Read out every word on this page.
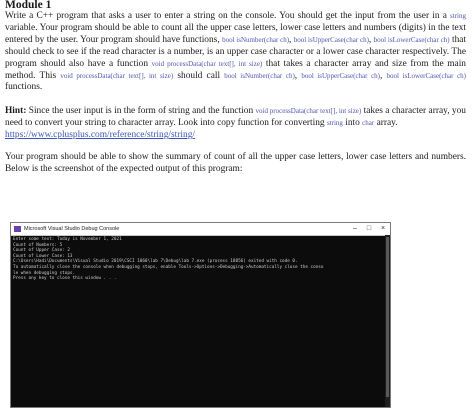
Module 1

Write a C++ program that asks a user to enter a string on the console. You should get the input from the user in a string variable. Your program should be able to count all the upper case letters, lower case letters and numbers (digits) in the text entered by the user. Your program should have functions, bool isNumber(char ch), bool isUpperCase(char ch), bool isLowerCase(char ch) that should check to see if the read character is a number, is an upper case character or a lower case character respectively. The program should also have a function void processData(char text[], int size) that takes a character array and size from the main method. This void processData(char text[], int size) should call bool isNumber(char ch), bool isUpperCase(char ch), bool isLowerCase(char ch) functions.

Hint: Since the user input is in the form of string and the function void processData(char text[], int size) takes a character array, you need to convert your string to character array. Look into copy function for converting string into char array.
https://www.cplusplus.com/reference/string/string/

Your program should be able to show the summary of count of all the upper case letters, lower case letters and numbers. Below is the screenshot of the expected output of this program:

Microsoft Visual Studio Debug Console	–	□	×
Enter some text: Today is November 1, 2021
Count of Numbers: 5
Count of Upper Case: 2
Count of Lower Case: 13
C:\Users\Hadi\Documents\Visual Studio 2019\CSCI 1060\lab 7\Debug\lab 7.exe (process 18856) exited with code 0.
To automatically close the console when debugging stops, enable Tools->Options->Debugging->Automatically close the conso
le when debugging stops.
Press any key to close this window . . .
